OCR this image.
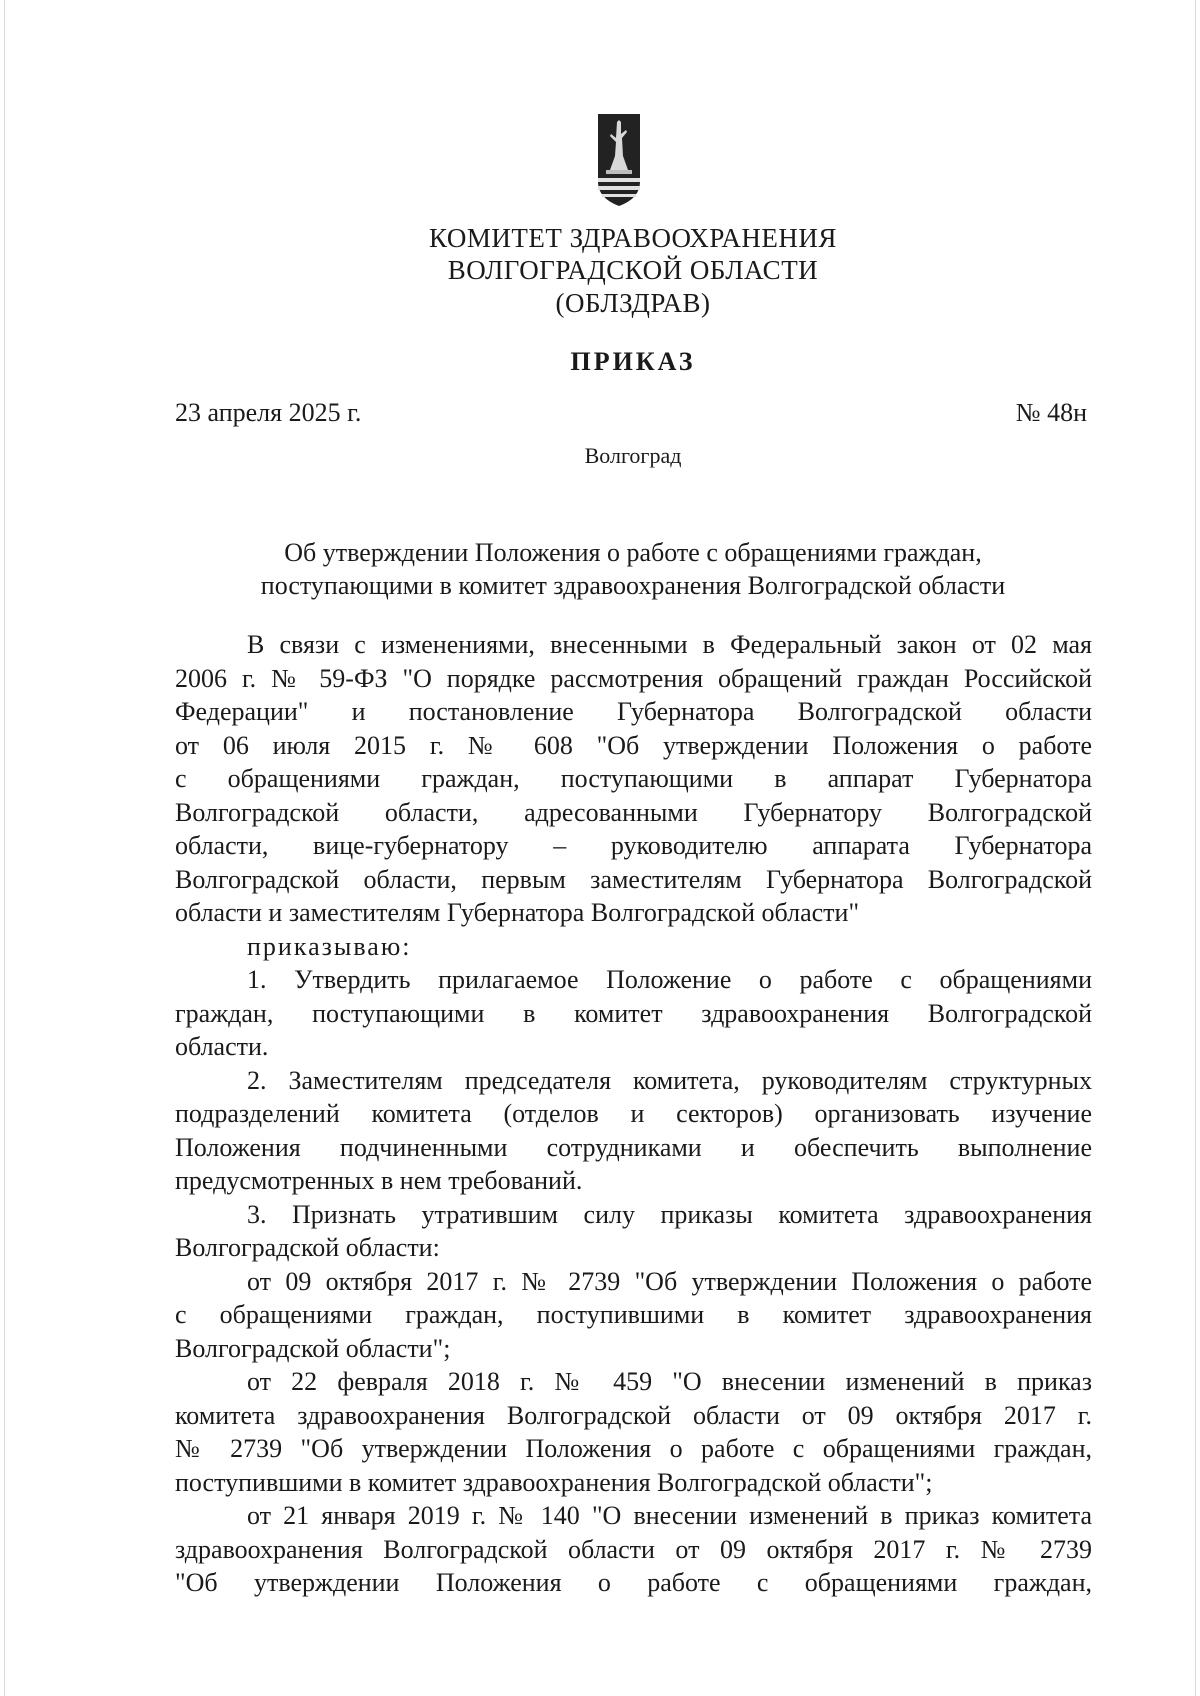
КОМИТЕТ ЗДРАВООХРАНЕНИЯ
ВОЛГОГРАДСКОЙ ОБЛАСТИ
(ОБЛЗДРАВ)
ПРИКАЗ
23 апреля 2025 г.	№ 48н
Волгоград
Об утверждении Положения о работе с обращениями граждан,
поступающими в комитет здравоохранения Волгоградской области
В связи с изменениями, внесенными в Федеральный закон от 02 мая
2006 г. № 59-ФЗ "О порядке рассмотрения обращений граждан Российской
Федерации" и постановление Губернатора Волгоградской области
от 06 июля 2015 г. № 608 "Об утверждении Положения о работе
с обращениями граждан, поступающими в аппарат Губернатора
Волгоградской области, адресованными Губернатору Волгоградской
области, вице-губернатору – руководителю аппарата Губернатора
Волгоградской области, первым заместителям Губернатора Волгоградской
области и заместителям Губернатора Волгоградской области"
приказываю:
1. Утвердить прилагаемое Положение о работе с обращениями
граждан, поступающими в комитет здравоохранения Волгоградской
области.
2. Заместителям председателя комитета, руководителям структурных
подразделений комитета (отделов и секторов) организовать изучение
Положения подчиненными сотрудниками и обеспечить выполнение
предусмотренных в нем требований.
3. Признать утратившим силу приказы комитета здравоохранения
Волгоградской области:
от 09 октября 2017 г. № 2739 "Об утверждении Положения о работе
с обращениями граждан, поступившими в комитет здравоохранения
Волгоградской области";
от 22 февраля 2018 г. № 459 "О внесении изменений в приказ
комитета здравоохранения Волгоградской области от 09 октября 2017 г.
№ 2739 "Об утверждении Положения о работе с обращениями граждан,
поступившими в комитет здравоохранения Волгоградской области";
от 21 января 2019 г. № 140 "О внесении изменений в приказ комитета
здравоохранения Волгоградской области от 09 октября 2017 г. № 2739
"Об утверждении Положения о работе с обращениями граждан,
